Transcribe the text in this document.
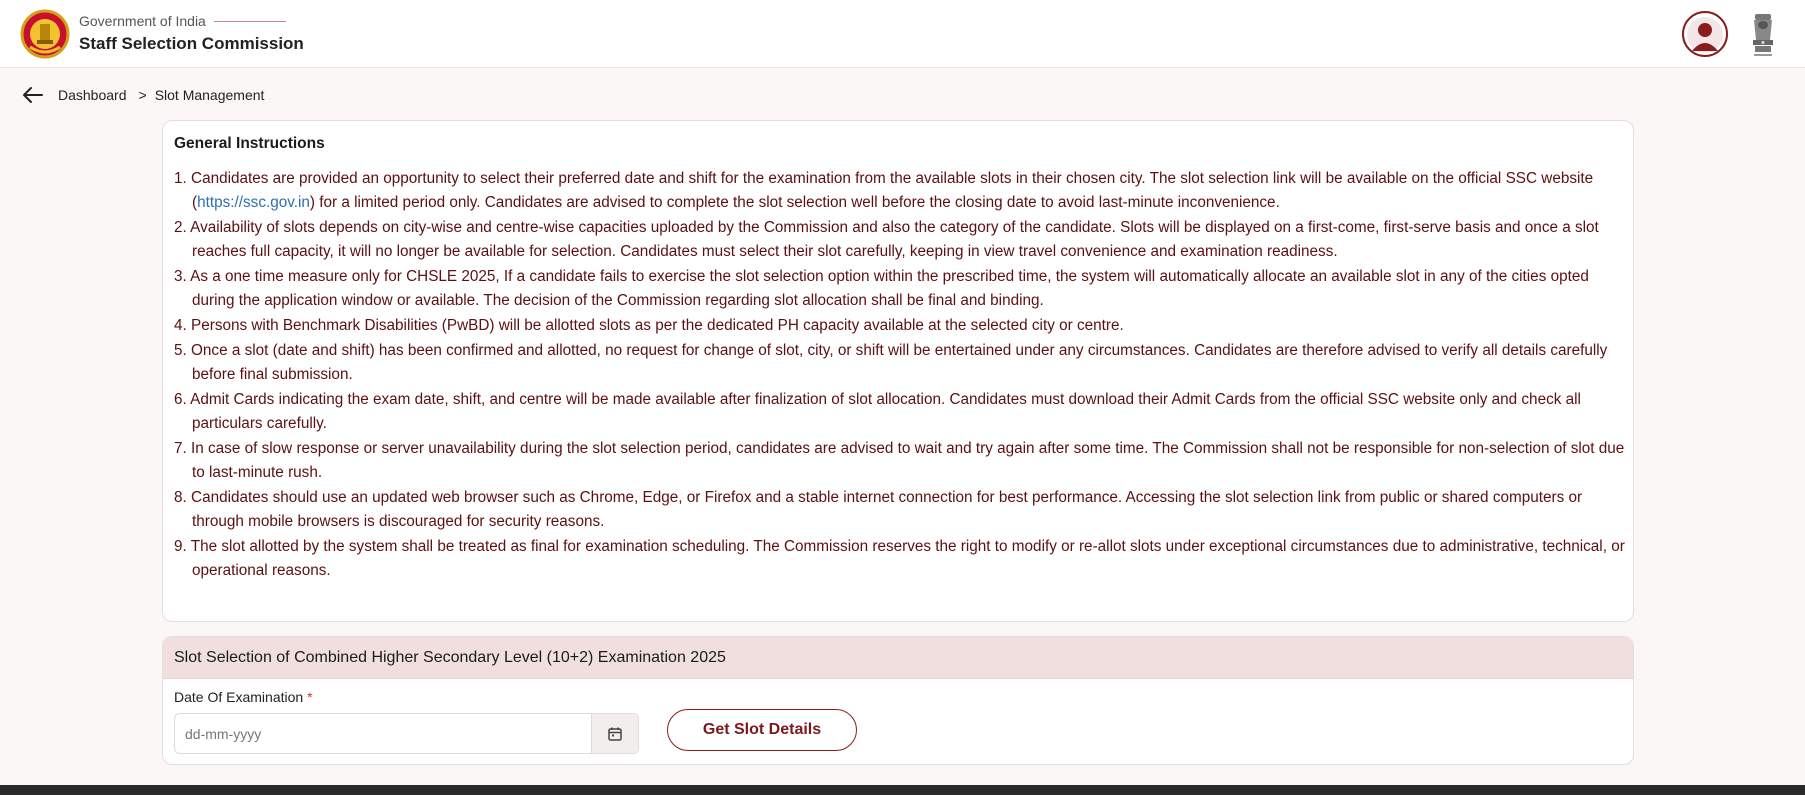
Government of India
Staff Selection Commission
Dashboard > Slot Management
General Instructions
1. Candidates are provided an opportunity to select their preferred date and shift for the examination from the available slots in their chosen city. The slot selection link will be available on the official SSC website (https://ssc.gov.in) for a limited period only. Candidates are advised to complete the slot selection well before the closing date to avoid last-minute inconvenience.
2. Availability of slots depends on city-wise and centre-wise capacities uploaded by the Commission and also the category of the candidate. Slots will be displayed on a first-come, first-serve basis and once a slot reaches full capacity, it will no longer be available for selection. Candidates must select their slot carefully, keeping in view travel convenience and examination readiness.
3. As a one time measure only for CHSLE 2025, If a candidate fails to exercise the slot selection option within the prescribed time, the system will automatically allocate an available slot in any of the cities opted during the application window or available. The decision of the Commission regarding slot allocation shall be final and binding.
4. Persons with Benchmark Disabilities (PwBD) will be allotted slots as per the dedicated PH capacity available at the selected city or centre.
5. Once a slot (date and shift) has been confirmed and allotted, no request for change of slot, city, or shift will be entertained under any circumstances. Candidates are therefore advised to verify all details carefully before final submission.
6. Admit Cards indicating the exam date, shift, and centre will be made available after finalization of slot allocation. Candidates must download their Admit Cards from the official SSC website only and check all particulars carefully.
7. In case of slow response or server unavailability during the slot selection period, candidates are advised to wait and try again after some time. The Commission shall not be responsible for non-selection of slot due to last-minute rush.
8. Candidates should use an updated web browser such as Chrome, Edge, or Firefox and a stable internet connection for best performance. Accessing the slot selection link from public or shared computers or through mobile browsers is discouraged for security reasons.
9. The slot allotted by the system shall be treated as final for examination scheduling. The Commission reserves the right to modify or re-allot slots under exceptional circumstances due to administrative, technical, or operational reasons.
Slot Selection of Combined Higher Secondary Level (10+2) Examination 2025
Date Of Examination *
dd-mm-yyyy
Get Slot Details
